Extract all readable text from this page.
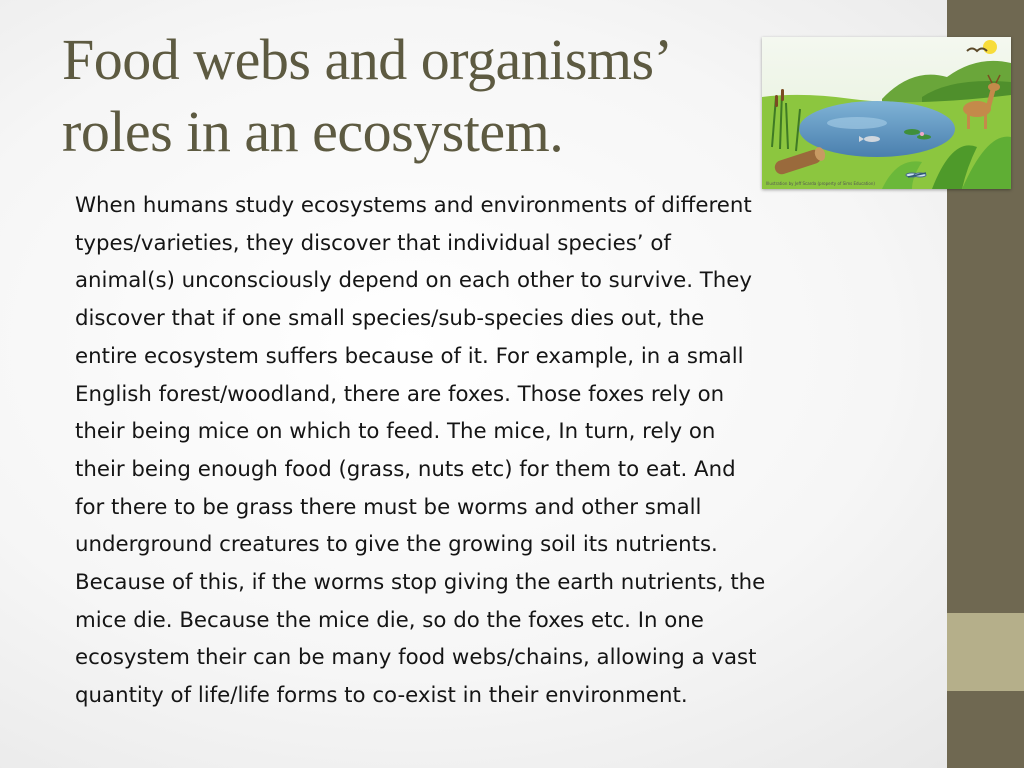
Food webs and organisms’
roles in an ecosystem.
Illustration by Jeff Scarda (property of Sims Education)
When humans study ecosystems and environments of different
types/varieties, they discover that individual species’ of
animal(s) unconsciously depend on each other to survive. They
discover that if one small species/sub-species dies out, the
entire ecosystem suffers because of it. For example, in a small
English forest/woodland, there are foxes. Those foxes rely on
their being mice on which to feed. The mice, In turn, rely on
their being enough food (grass, nuts etc) for them to eat. And
for there to be grass there must be worms and other small
underground creatures to give the growing soil its nutrients.
Because of this, if the worms stop giving the earth nutrients, the
mice die. Because the mice die, so do the foxes etc. In one
ecosystem their can be many food webs/chains, allowing a vast
quantity of life/life forms to co-exist in their environment.
